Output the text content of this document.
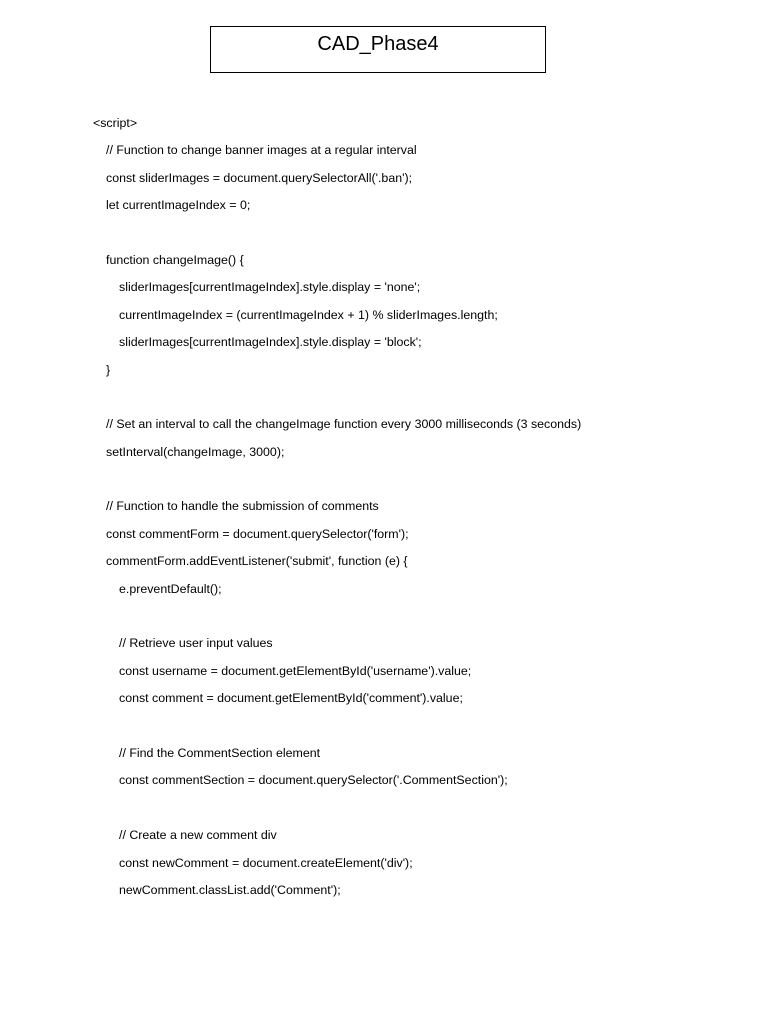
CAD_Phase4
<script>
// Function to change banner images at a regular interval
const sliderImages = document.querySelectorAll('.ban');
let currentImageIndex = 0;
function changeImage() {
sliderImages[currentImageIndex].style.display = 'none';
currentImageIndex = (currentImageIndex + 1) % sliderImages.length;
sliderImages[currentImageIndex].style.display = 'block';
}
// Set an interval to call the changeImage function every 3000 milliseconds (3 seconds)
setInterval(changeImage, 3000);
// Function to handle the submission of comments
const commentForm = document.querySelector('form');
commentForm.addEventListener('submit', function (e) {
e.preventDefault();
// Retrieve user input values
const username = document.getElementById('username').value;
const comment = document.getElementById('comment').value;
// Find the CommentSection element
const commentSection = document.querySelector('.CommentSection');
// Create a new comment div
const newComment = document.createElement('div');
newComment.classList.add('Comment');
